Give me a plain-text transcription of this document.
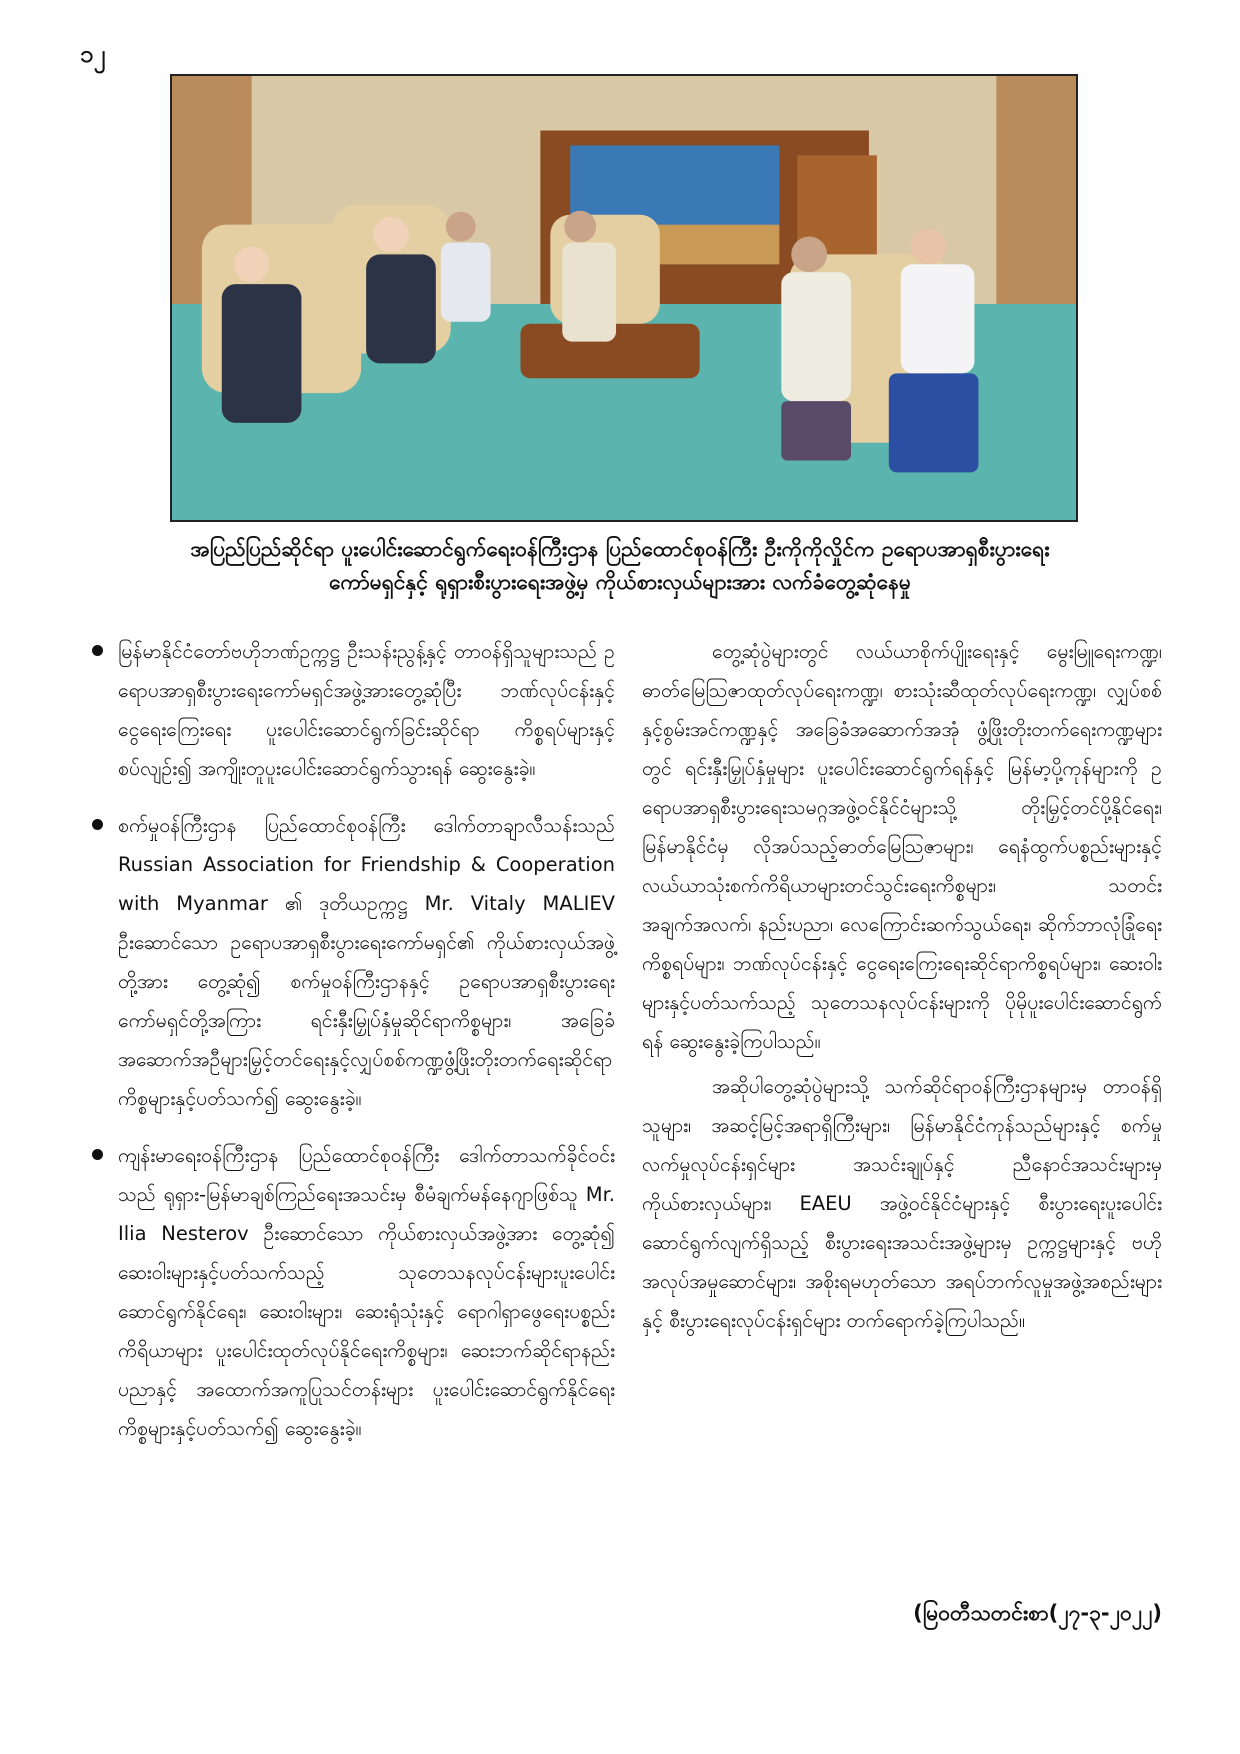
၁၂
အပြည်ပြည်ဆိုင်ရာ ပူးပေါင်းဆောင်ရွက်ရေးဝန်ကြီးဌာန ပြည်ထောင်စုဝန်ကြီး ဦးကိုကိုလှိုင်က ဥရောပအာရှစီးပွားရေး
ကော်မရှင်နှင့် ရုရှားစီးပွားရေးအဖွဲ့မှ ကိုယ်စားလှယ်များအား လက်ခံတွေ့ဆုံနေမှု
မြန်မာနိုင်ငံတော်ဗဟိုဘဏ်ဥက္ကဋ္ဌ ဦးသန်းညွန့်နှင့် တာဝန်ရှိသူများသည် ဥရောပအာရှစီးပွားရေးကော်မရှင်အဖွဲ့အားတွေ့ဆုံပြီး ဘဏ်လုပ်ငန်းနှင့် ငွေရေးကြေးရေး ပူးပေါင်းဆောင်ရွက်ခြင်းဆိုင်ရာ ကိစ္စရပ်များနှင့်စပ်လျဉ်း၍ အကျိုးတူပူးပေါင်းဆောင်ရွက်သွားရန် ဆွေးနွေးခဲ့။
စက်မှုဝန်ကြီးဌာန ပြည်ထောင်စုဝန်ကြီး ဒေါက်တာချာလီသန်းသည် Russian Association for Friendship & Cooperation with Myanmar ၏ ဒုတိယဥက္ကဋ္ဌ Mr. Vitaly MALIEV ဦးဆောင်သော ဥရောပအာရှစီးပွားရေးကော်မရှင်၏ ကိုယ်စားလှယ်အဖွဲ့တို့အား တွေ့ဆုံ၍ စက်မှုဝန်ကြီးဌာနနှင့် ဥရောပအာရှစီးပွားရေးကော်မရှင်တို့အကြား ရင်းနှီးမြှုပ်နှံမှုဆိုင်ရာကိစ္စများ၊ အခြေခံအဆောက်အဦများမြှင့်တင်ရေးနှင့်လျှပ်စစ်ကဏ္ဍဖွံ့ဖြိုးတိုးတက်ရေးဆိုင်ရာ ကိစ္စများနှင့်ပတ်သက်၍ ဆွေးနွေးခဲ့။
ကျန်းမာရေးဝန်ကြီးဌာန ပြည်ထောင်စုဝန်ကြီး ဒေါက်တာသက်ခိုင်ဝင်းသည် ရုရှား-မြန်မာချစ်ကြည်ရေးအသင်းမှ စီမံချက်မန်နေဂျာဖြစ်သူ Mr. Ilia Nesterov ဦးဆောင်သော ကိုယ်စားလှယ်အဖွဲ့အား တွေ့ဆုံ၍ ဆေးဝါးများနှင့်ပတ်သက်သည့် သုတေသနလုပ်ငန်းများပူးပေါင်းဆောင်ရွက်နိုင်ရေး၊ ဆေးဝါးများ၊ ဆေးရုံသုံးနှင့် ရောဂါရှာဖွေရေးပစ္စည်းကိရိယာများ ပူးပေါင်းထုတ်လုပ်နိုင်ရေးကိစ္စများ၊ ဆေးဘက်ဆိုင်ရာနည်းပညာနှင့် အထောက်အကူပြုသင်တန်းများ ပူးပေါင်းဆောင်ရွက်နိုင်ရေးကိစ္စများနှင့်ပတ်သက်၍ ဆွေးနွေးခဲ့။

တွေ့ဆုံပွဲများတွင် လယ်ယာစိုက်ပျိုးရေးနှင့် မွေးမြူရေးကဏ္ဍ၊ ဓာတ်မြေသြဇာထုတ်လုပ်ရေးကဏ္ဍ၊ စားသုံးဆီထုတ်လုပ်ရေးကဏ္ဍ၊ လျှပ်စစ်နှင့်စွမ်းအင်ကဏ္ဍနှင့် အခြေခံအဆောက်အအုံ ဖွံ့ဖြိုးတိုးတက်ရေးကဏ္ဍများတွင် ရင်းနှီးမြှုပ်နှံမှုများ ပူးပေါင်းဆောင်ရွက်ရန်နှင့် မြန်မာ့ပို့ကုန်များကို ဥရောပအာရှစီးပွားရေးသမဂ္ဂအဖွဲ့ဝင်နိုင်ငံများသို့ တိုးမြှင့်တင်ပို့နိုင်ရေး၊ မြန်မာနိုင်ငံမှ လိုအပ်သည့်ဓာတ်မြေသြဇာများ၊ ရေနံထွက်ပစ္စည်းများနှင့် လယ်ယာသုံးစက်ကိရိယာများတင်သွင်းရေးကိစ္စများ၊ သတင်းအချက်အလက်၊ နည်းပညာ၊ လေကြောင်းဆက်သွယ်ရေး၊ ဆိုက်ဘာလုံခြုံရေးကိစ္စရပ်များ၊ ဘဏ်လုပ်ငန်းနှင့် ငွေရေးကြေးရေးဆိုင်ရာကိစ္စရပ်များ၊ ဆေးဝါးများနှင့်ပတ်သက်သည့် သုတေသနလုပ်ငန်းများကို ပိုမိုပူးပေါင်းဆောင်ရွက်ရန် ဆွေးနွေးခဲ့ကြပါသည်။

အဆိုပါတွေ့ဆုံပွဲများသို့ သက်ဆိုင်ရာဝန်ကြီးဌာနများမှ တာဝန်ရှိသူများ၊ အဆင့်မြင့်အရာရှိကြီးများ၊ မြန်မာနိုင်ငံကုန်သည်များနှင့် စက်မှုလက်မှုလုပ်ငန်းရှင်များ အသင်းချုပ်နှင့် ညီနောင်အသင်းများမှ ကိုယ်စားလှယ်များ၊ EAEU အဖွဲ့ဝင်နိုင်ငံများနှင့် စီးပွားရေးပူးပေါင်းဆောင်ရွက်လျက်ရှိသည့် စီးပွားရေးအသင်းအဖွဲ့များမှ ဥက္ကဋ္ဌများနှင့် ဗဟိုအလုပ်အမှုဆောင်များ၊ အစိုးရမဟုတ်သော အရပ်ဘက်လူမှုအဖွဲ့အစည်းများနှင့် စီးပွားရေးလုပ်ငန်းရှင်များ တက်ရောက်ခဲ့ကြပါသည်။

(မြဝတီသတင်းစာ(၂၇-၃-၂၀၂၂)
